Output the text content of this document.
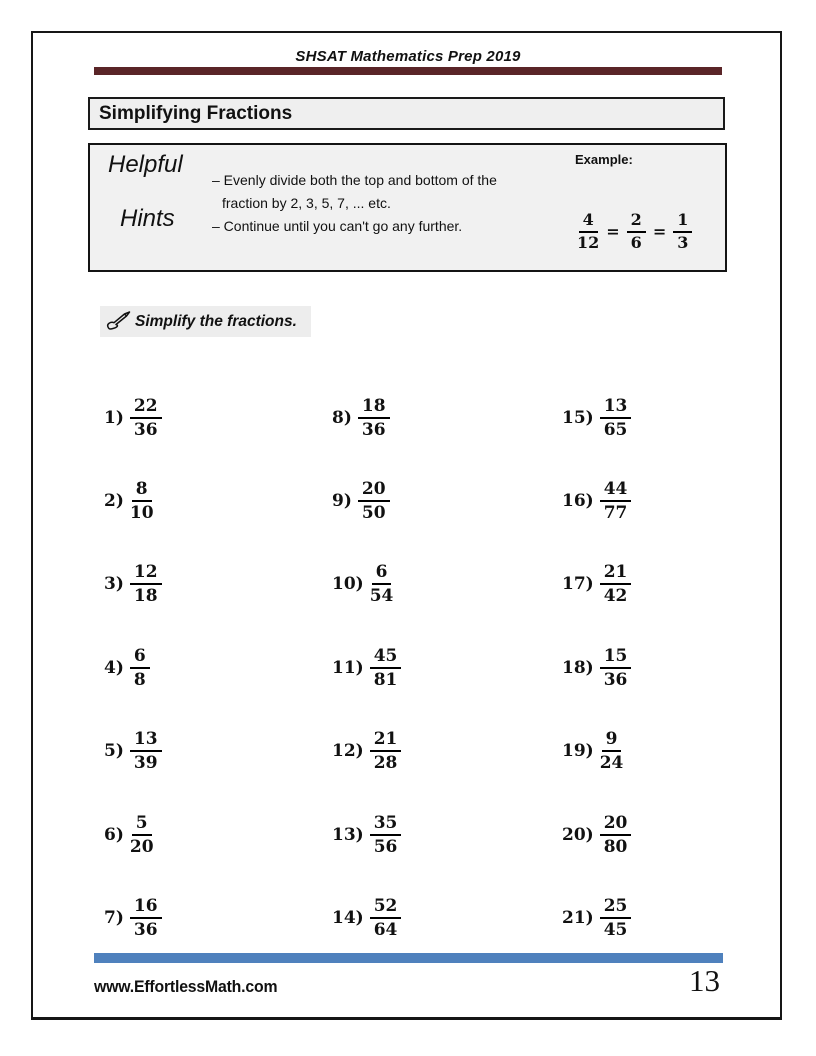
SHSAT Mathematics Prep 2019
Simplifying Fractions
Helpful
Hints
– Evenly divide both the top and bottom of the
fraction by 2, 3, 5, 7, ... etc.
– Continue until you can't go any further.
Example:
$\frac{4}{12} = \frac{2}{6} = \frac{1}{3}$
Simplify the fractions.
$1) \frac{22}{36}$
$2) \frac{8}{10}$
$3) \frac{12}{18}$
$4) \frac{6}{8}$
$5) \frac{13}{39}$
$6) \frac{5}{20}$
$7) \frac{16}{36}$
$8) \frac{18}{36}$
$9) \frac{20}{50}$
$10) \frac{6}{54}$
$11) \frac{45}{81}$
$12) \frac{21}{28}$
$13) \frac{35}{56}$
$14) \frac{52}{64}$
$15) \frac{13}{65}$
$16) \frac{44}{77}$
$17) \frac{21}{42}$
$18) \frac{15}{36}$
$19) \frac{9}{24}$
$20) \frac{20}{80}$
$21) \frac{25}{45}$
www.EffortlessMath.com	13
